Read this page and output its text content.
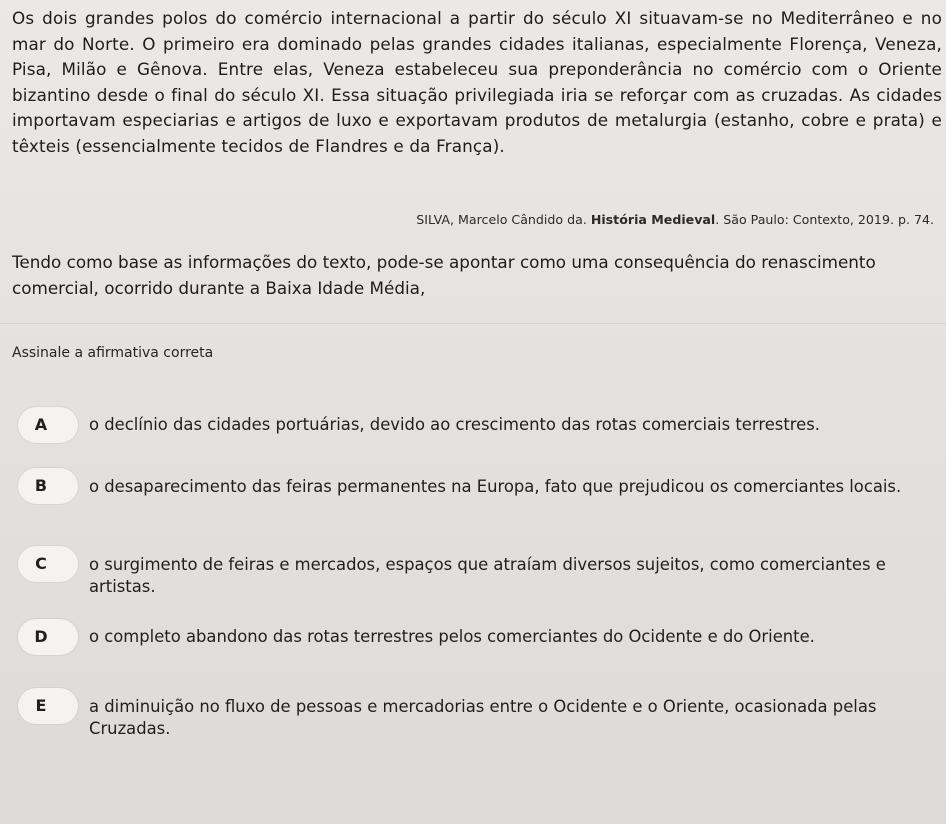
Os dois grandes polos do comércio internacional a partir do século XI situavam-se no Mediterrâneo e no mar do Norte. O primeiro era dominado pelas grandes cidades italianas, especialmente Florença, Veneza, Pisa, Milão e Gênova. Entre elas, Veneza estabeleceu sua preponderância no comércio com o Oriente bizantino desde o final do século XI. Essa situação privilegiada iria se reforçar com as cruzadas. As cidades importavam especiarias e artigos de luxo e exportavam produtos de metalurgia (estanho, cobre e prata) e têxteis (essencialmente tecidos de Flandres e da França).
SILVA, Marcelo Cândido da. História Medieval. São Paulo: Contexto, 2019. p. 74.
Tendo como base as informações do texto, pode-se apontar como uma consequência do renascimento comercial, ocorrido durante a Baixa Idade Média,
Assinale a afirmativa correta
A	o declínio das cidades portuárias, devido ao crescimento das rotas comerciais terrestres.
B	o desaparecimento das feiras permanentes na Europa, fato que prejudicou os comerciantes locais.
C	o surgimento de feiras e mercados, espaços que atraíam diversos sujeitos, como comerciantes e artistas.
D	o completo abandono das rotas terrestres pelos comerciantes do Ocidente e do Oriente.
E	a diminuição no fluxo de pessoas e mercadorias entre o Ocidente e o Oriente, ocasionada pelas Cruzadas.
